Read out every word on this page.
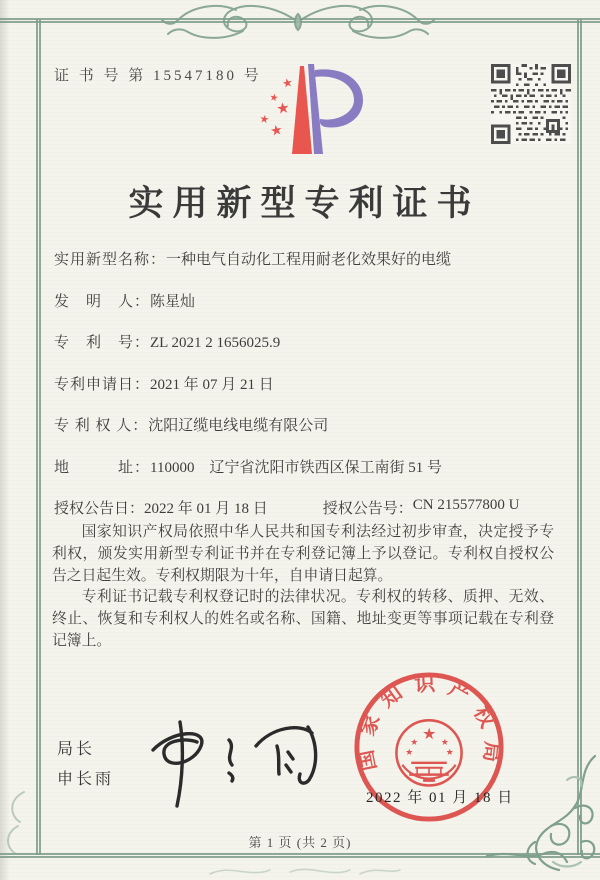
证 书 号 第 15547180 号 ★
★
★
★
★
实用新型专利证书
实用新型名称：一种电气自动化工程用耐老化效果好的电缆
发　明　人：陈星灿
专　利　号：ZL 2021 2 1656025.9
专利申请日：2021 年 07 月 21 日
专 利 权 人：沈阳辽缆电线电缆有限公司
地　　　址：110000　辽宁省沈阳市铁西区保工南街 51 号
授权公告日： 2022 年 01 月 18 日	授权公告号： CN 215577800 U

国家知识产权局依照中华人民共和国专利法经过初步审查，决定授予专利权，颁发实用新型专利证书并在专利登记簿上予以登记。专利权自授权公告之日起生效。专利权期限为十年，自申请日起算。

专利证书记载专利权登记时的法律状况。专利权的转移、质押、无效、终止、恢复和专利权人的姓名或名称、国籍、地址变更等事项记载在专利登记簿上。

局长
申长雨
国家知识产权局
★
★	★
★	★
2022 年 01 月 18 日
第 1 页 (共 2 页)
